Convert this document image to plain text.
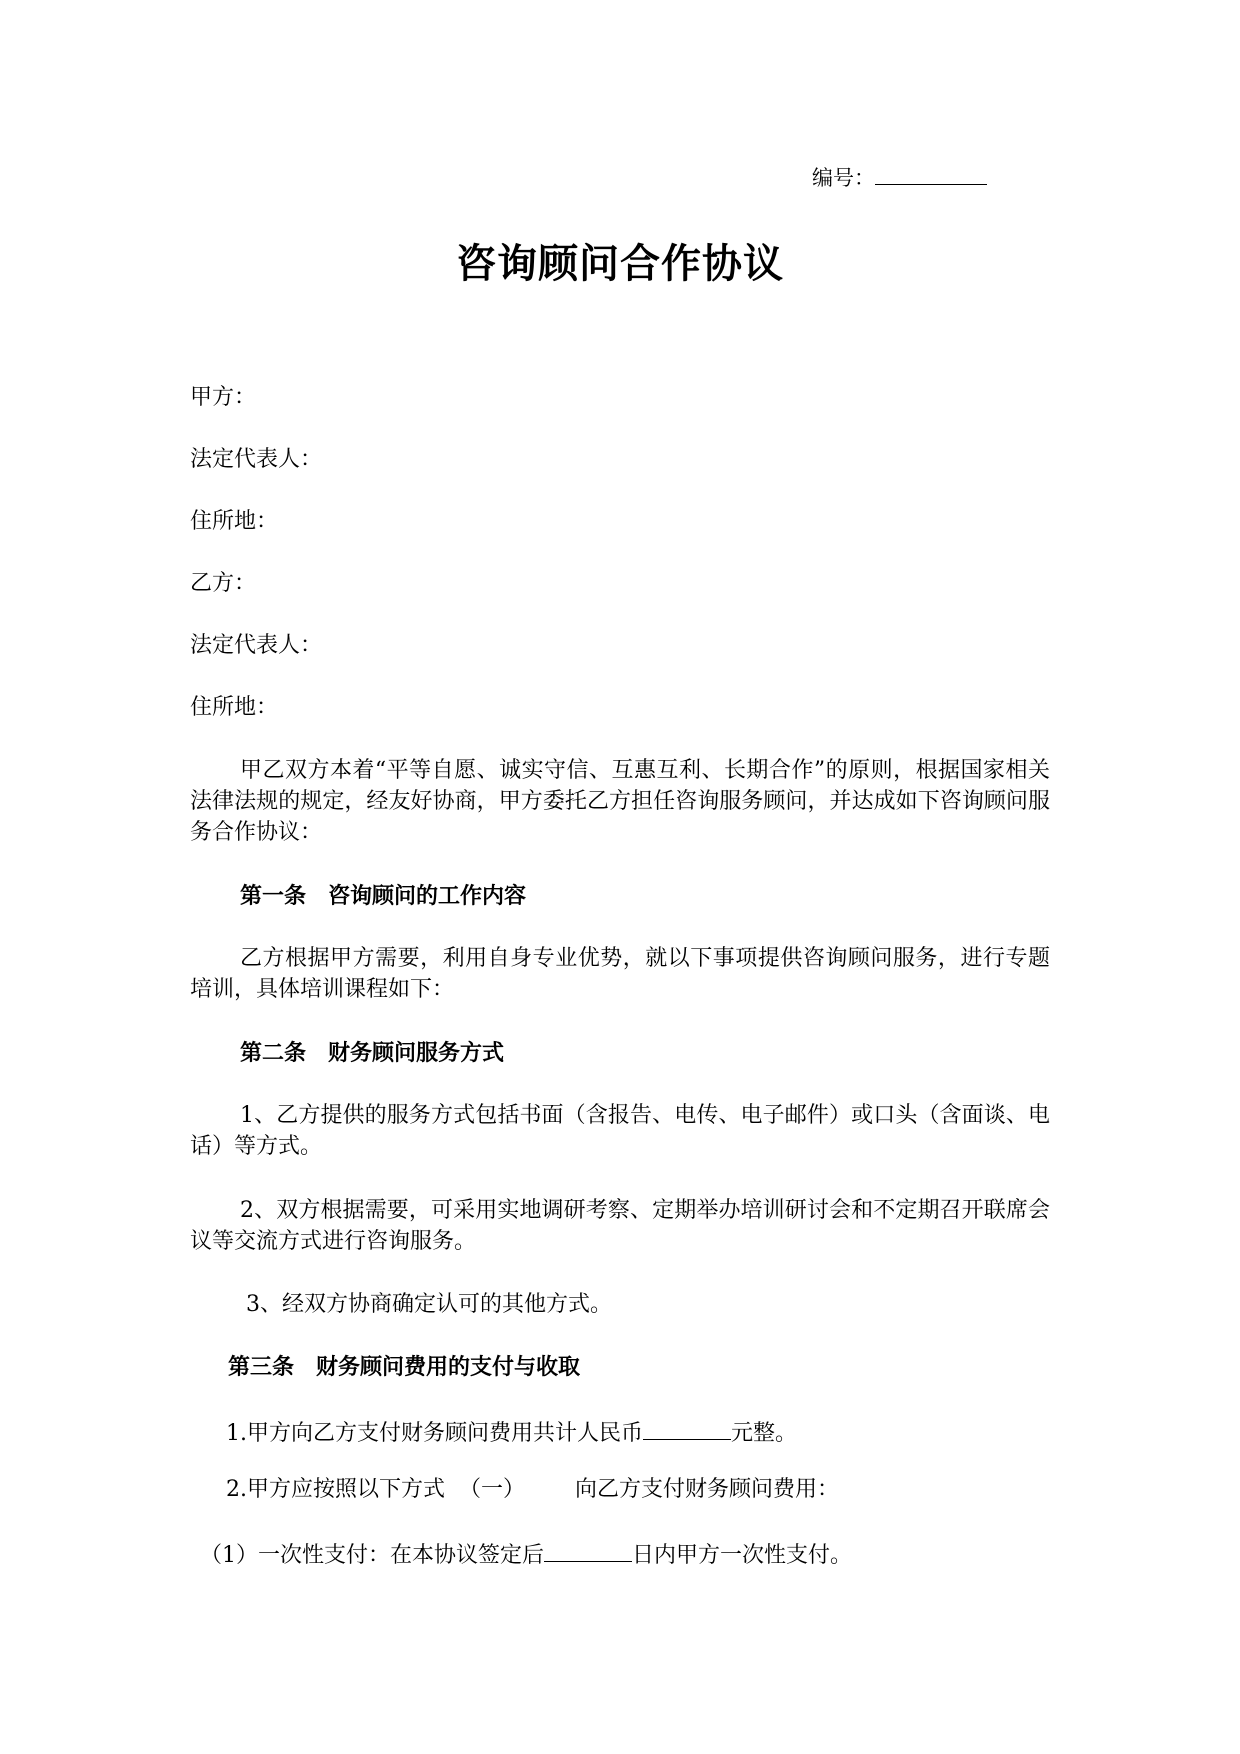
编号：
咨询顾问合作协议
甲方：
法定代表人：
住所地：
乙方：
法定代表人：
住所地：

甲乙双方本着“平等自愿、诚实守信、互惠互利、长期合作”的原则，根据国家相关法律法规的规定，经友好协商，甲方委托乙方担任咨询服务顾问，并达成如下咨询顾问服务合作协议：

第一条 咨询顾问的工作内容

乙方根据甲方需要，利用自身专业优势，就以下事项提供咨询顾问服务，进行专题培训，具体培训课程如下：

第二条 财务顾问服务方式

1、乙方提供的服务方式包括书面（含报告、电传、电子邮件）或口头（含面谈、电话）等方式。

2、双方根据需要，可采用实地调研考察、定期举办培训研讨会和不定期召开联席会议等交流方式进行咨询服务。

3、经双方协商确定认可的其他方式。
第三条 财务顾问费用的支付与收取
1.甲方向乙方支付财务顾问费用共计人民币	元整。
2.甲方应按照以下方式 （一） 向乙方支付财务顾问费用：
（1）一次性支付：在本协议签定后	日内甲方一次性支付。
